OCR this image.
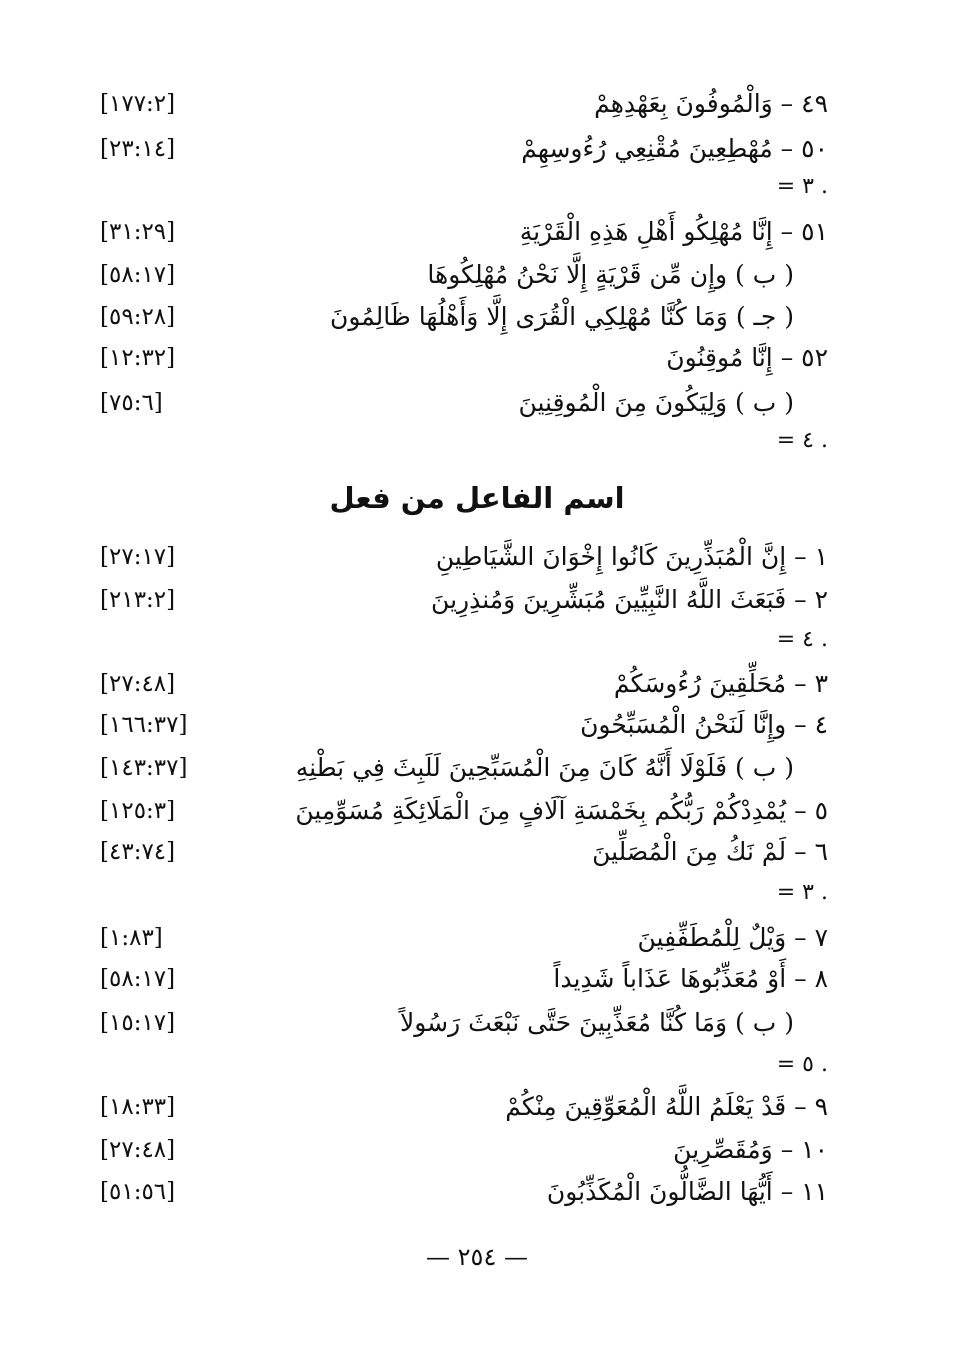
٤٩ – وَالْمُوفُونَ بِعَهْدِهِمْ
[١٧٧:٢]
٥٠ – مُهْطِعِينَ مُقْنِعِي رُءُوسِهِمْ
[٢٣:١٤]
= ٣ .
٥١ – إِنَّا مُهْلِكُو أَهْلِ هَذِهِ الْقَرْيَةِ
[٣١:٢٩]
( ب ) وإِن مِّن قَرْيَةٍ إِلَّا نَحْنُ مُهْلِكُوهَا
[٥٨:١٧]
( جـ ) وَمَا كُنَّا مُهْلِكِي الْقُرَى إِلَّا وَأَهْلُهَا ظَالِمُونَ
[٥٩:٢٨]
٥٢ – إِنَّا مُوقِنُونَ
[١٢:٣٢]
( ب ) وَلِيَكُونَ مِنَ الْمُوقِنِينَ
[٧٥:٦]
= ٤ .
اسم الفاعل من فعل
١ – إِنَّ الْمُبَذِّرِينَ كَانُوا إِخْوَانَ الشَّيَاطِينِ
[٢٧:١٧]
٢ – فَبَعَثَ اللَّهُ النَّبِيِّينَ مُبَشِّرِينَ وَمُنذِرِينَ
[٢١٣:٢]
= ٤ .
٣ – مُحَلِّقِينَ رُءُوسَكُمْ
[٢٧:٤٨]
٤ – وإِنَّا لَنَحْنُ الْمُسَبِّحُونَ
[١٦٦:٣٧]
( ب ) فَلَوْلَا أَنَّهُ كَانَ مِنَ الْمُسَبِّحِينَ لَلَبِثَ فِي بَطْنِهِ
[١٤٣:٣٧]
٥ – يُمْدِدْكُمْ رَبُّكُم بِخَمْسَةِ آلَافٍ مِنَ الْمَلَائِكَةِ مُسَوِّمِينَ
[١٢٥:٣]
٦ – لَمْ نَكُ مِنَ الْمُصَلِّينَ
[٤٣:٧٤]
= ٣ .
٧ – وَيْلٌ لِلْمُطَفِّفِينَ
[١:٨٣]
٨ – أَوْ مُعَذِّبُوهَا عَذَاباً شَدِيداً
[٥٨:١٧]
( ب ) وَمَا كُنَّا مُعَذِّبِينَ حَتَّى نَبْعَثَ رَسُولاً
[١٥:١٧]
= ٥ .
٩ – قَدْ يَعْلَمُ اللَّهُ الْمُعَوِّقِينَ مِنْكُمْ
[١٨:٣٣]
١٠ – وَمُقَصِّرِينَ
[٢٧:٤٨]
١١ – أَيُّهَا الضَّالُّونَ الْمُكَذِّبُونَ
[٥١:٥٦]
— ٢٥٤ —
